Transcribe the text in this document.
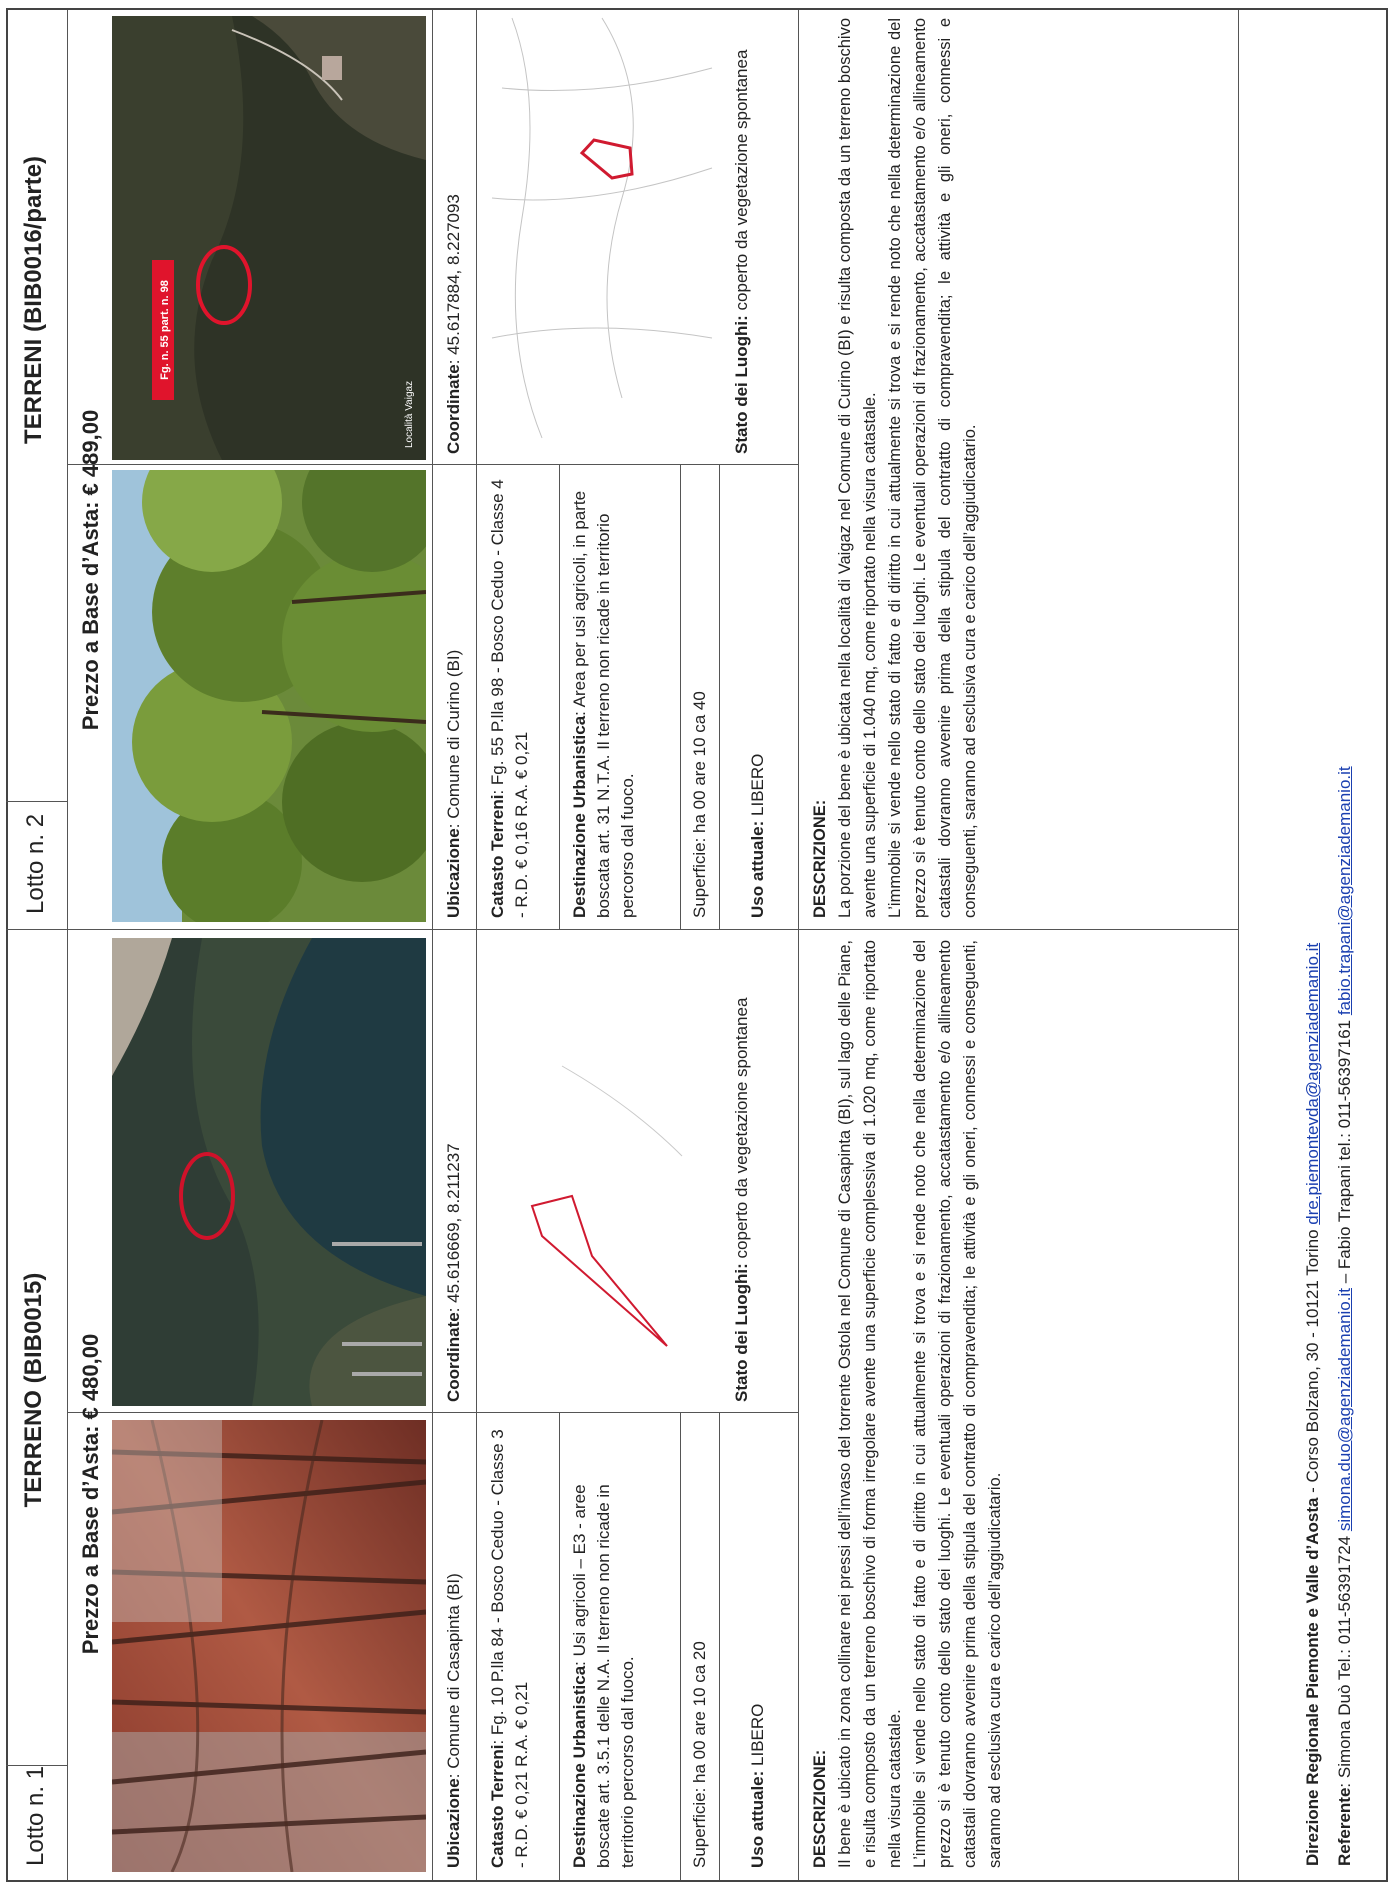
Lotto n. 1
TERRENO (BIB0015)
Lotto n. 2
TERRENI (BIB0016/parte)
Prezzo a Base d’Asta: € 480,00
Prezzo a Base d’Asta: € 489,00
Fg. n. 55 part. n. 98
Località Vaigaz
Ubicazione: Comune di Casapinta (BI)
Coordinate: 45.616669, 8.211237
Catasto Terreni: Fg. 10 P.lla 84 - Bosco Ceduo - Classe 3 - R.D. € 0,21 R.A. € 0,21 Destinazione Urbanistica: Usi agricoli – E3 - aree boscate art. 3.5.1 delle N.A. Il terreno non ricade in territorio percorso dal fuoco.	Superficie: ha 00 are 10 ca 20
Uso attuale: LIBERO
Stato dei Luoghi: coperto da vegetazione spontanea
DESCRIZIONE: Il bene è ubicato in zona collinare nei pressi dell’invaso del torrente Ostola nel Comune di Casapinta (BI), sul lago delle Piane, e risulta composto da un terreno boschivo di forma irregolare avente una superficie complessiva di 1.020 mq, come riportato nella visura catastale. L’immobile si vende nello stato di fatto e di diritto in cui attualmente si trova e si rende noto che nella determinazione del prezzo si è tenuto conto dello stato dei luoghi. Le eventuali operazioni di frazionamento, accatastamento e/o allineamento catastali dovranno avvenire prima della stipula del contratto di compravendita; le attività e gli oneri, connessi e conseguenti, saranno ad esclusiva cura e carico dell’aggiudicatario.
Ubicazione: Comune di Curino (BI)
Coordinate: 45.617884, 8.227093
Catasto Terreni: Fg. 55 P.lla 98 - Bosco Ceduo - Classe 4 - R.D. € 0,16 R.A. € 0,21 Destinazione Urbanistica: Area per usi agricoli, in parte boscata art. 31 N.T.A. Il terreno non ricade in territorio percorso dal fuoco.	Superficie: ha 00 are 10 ca 40
Uso attuale: LIBERO
Stato dei Luoghi: coperto da vegetazione spontanea
DESCRIZIONE: La porzione del bene è ubicata nella località di Vaigaz nel Comune di Curino (BI) e risulta composta da un terreno boschivo avente una superficie di 1.040 mq, come riportato nella visura catastale. L’immobile si vende nello stato di fatto e di diritto in cui attualmente si trova e si rende noto che nella determinazione del prezzo si è tenuto conto dello stato dei luoghi. Le eventuali operazioni di frazionamento, accatastamento e/o allineamento catastali dovranno avvenire prima della stipula del contratto di compravendita; le attività e gli oneri, connessi e conseguenti, saranno ad esclusiva cura e carico dell’aggiudicatario.
Direzione Regionale Piemonte e Valle d’Aosta - Corso Bolzano, 30 - 10121 Torino dre.piemontevda@agenziademanio.it
Referente: Simona Duò Tel.: 011-56391724 simona.duo@agenziademanio.it – Fabio Trapani tel.: 011-56397161 fabio.trapani@agenziademanio.it
